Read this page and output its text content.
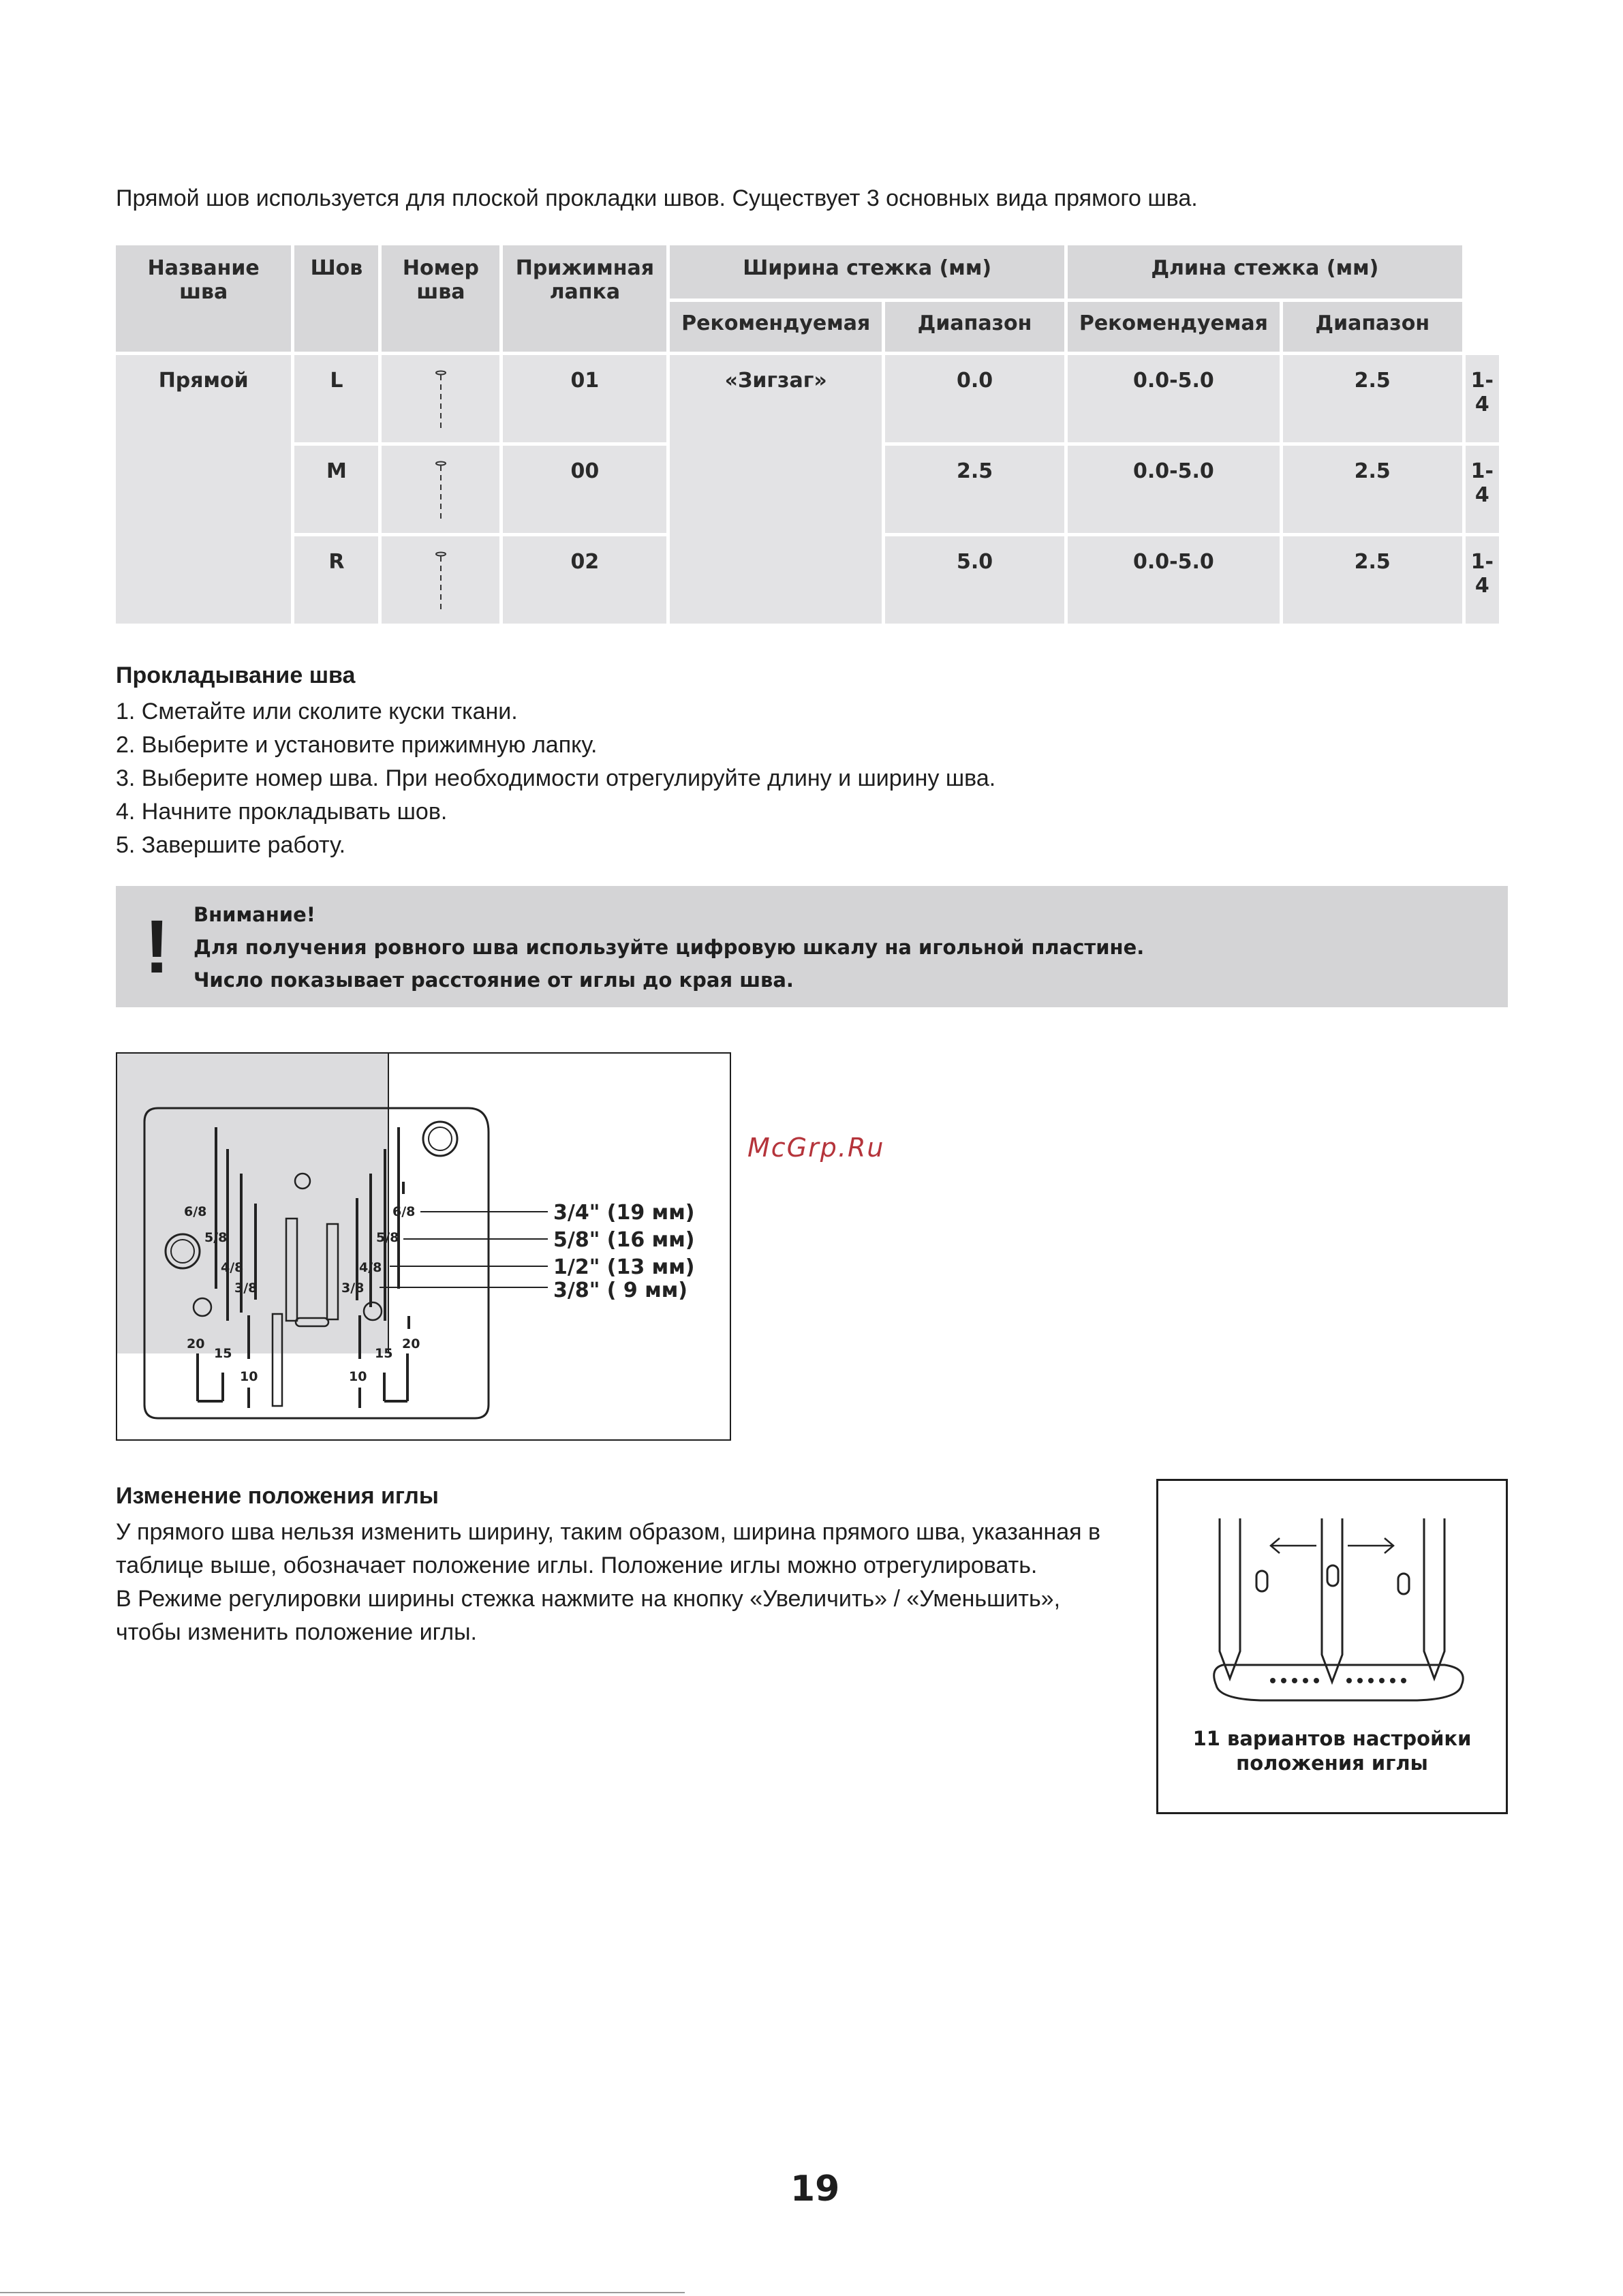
Прямой шов используется для плоской прокладки швов. Существует 3 основных вида прямого шва.
Название шва	Шов	Номер шва	Прижимная лапка	Ширина стежка (мм)		Длина стежка (мм)		
				Рекомендуемая	Диапазон	Рекомендуемая	Диапазон	
Прямой	L		01	«Зигзаг»	0.0	0.0-5.0	2.5	1-4
	M		00		2.5	0.0-5.0	2.5	1-4
	R		02		5.0	0.0-5.0	2.5	1-4
Прокладывание шва
1. Сметайте или сколите куски ткани.
2. Выберите и установите прижимную лапку.
3. Выберите номер шва. При необходимости отрегулируйте длину и ширину шва.
4. Начните прокладывать шов.
5. Завершите работу.
! Внимание!
Для получения ровного шва используйте цифровую шкалу на игольной пластине.
Число показывает расстояние от иглы до края шва.
6/8
5/8
4/8
3/8
6/8
5/8
4/8
3/8
20
15
10	10
15
20
3/4" (19 мм)
5/8" (16 мм)
1/2" (13 мм)
3/8" ( 9 мм)
McGrp.Ru
Изменение положения иглы
У прямого шва нельзя изменить ширину, таким образом, ширина прямого шва, указанная в таблице выше, обозначает положение иглы. Положение иглы можно отрегулировать.
В Режиме регулировки ширины стежка нажмите на кнопку «Увеличить» / «Уменьшить», чтобы изменить положение иглы.
11 вариантов настройки
положения иглы
19
